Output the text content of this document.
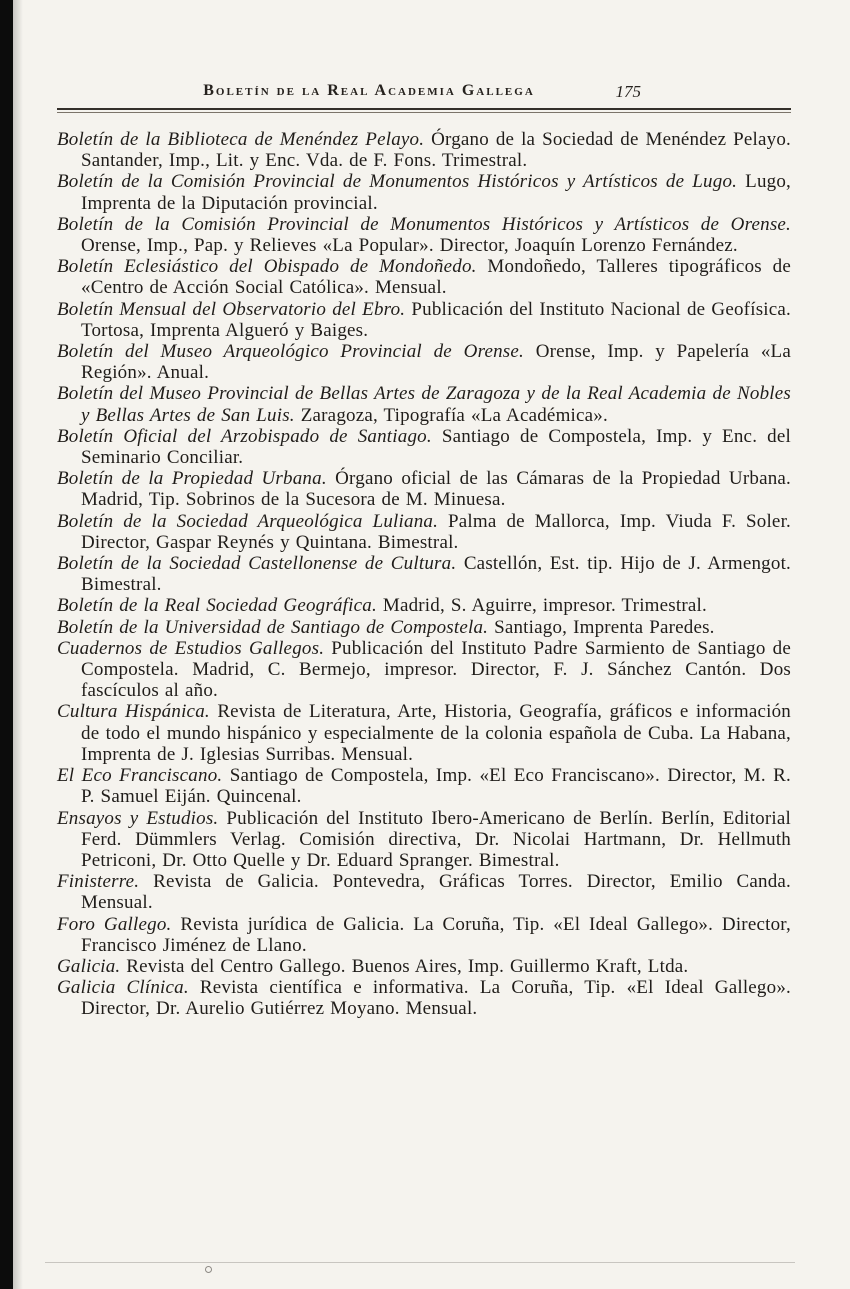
Boletín de la Real Academia Gallega	175

Boletín de la Biblioteca de Menéndez Pelayo. Órgano de la Sociedad de Menéndez Pelayo. Santander, Imp., Lit. y Enc. Vda. de F. Fons. Trimestral.

Boletín de la Comisión Provincial de Monumentos Históricos y Artísticos de Lugo. Lugo, Imprenta de la Diputación provincial.

Boletín de la Comisión Provincial de Monumentos Históricos y Artísticos de Orense. Orense, Imp., Pap. y Relieves «La Popular». Director, Joaquín Lorenzo Fernández.

Boletín Eclesiástico del Obispado de Mondoñedo. Mondoñedo, Talleres tipográficos de «Centro de Acción Social Católica». Mensual.

Boletín Mensual del Observatorio del Ebro. Publicación del Instituto Nacional de Geofísica. Tortosa, Imprenta Algueró y Baiges.

Boletín del Museo Arqueológico Provincial de Orense. Orense, Imp. y Papelería «La Región». Anual.

Boletín del Museo Provincial de Bellas Artes de Zaragoza y de la Real Academia de Nobles y Bellas Artes de San Luis. Zaragoza, Tipografía «La Académica».

Boletín Oficial del Arzobispado de Santiago. Santiago de Compostela, Imp. y Enc. del Seminario Conciliar.

Boletín de la Propiedad Urbana. Órgano oficial de las Cámaras de la Propiedad Urbana. Madrid, Tip. Sobrinos de la Sucesora de M. Minuesa.

Boletín de la Sociedad Arqueológica Luliana. Palma de Mallorca, Imp. Viuda F. Soler. Director, Gaspar Reynés y Quintana. Bimestral.

Boletín de la Sociedad Castellonense de Cultura. Castellón, Est. tip. Hijo de J. Armengot. Bimestral.

Boletín de la Real Sociedad Geográfica. Madrid, S. Aguirre, impresor. Trimestral.

Boletín de la Universidad de Santiago de Compostela. Santiago, Imprenta Paredes.

Cuadernos de Estudios Gallegos. Publicación del Instituto Padre Sarmiento de Santiago de Compostela. Madrid, C. Bermejo, impresor. Director, F. J. Sánchez Cantón. Dos fascículos al año.

Cultura Hispánica. Revista de Literatura, Arte, Historia, Geografía, gráficos e información de todo el mundo hispánico y especialmente de la colonia española de Cuba. La Habana, Imprenta de J. Iglesias Surribas. Mensual.

El Eco Franciscano. Santiago de Compostela, Imp. «El Eco Franciscano». Director, M. R. P. Samuel Eiján. Quincenal.

Ensayos y Estudios. Publicación del Instituto Ibero-Americano de Berlín. Berlín, Editorial Ferd. Dümmlers Verlag. Comisión directiva, Dr. Nicolai Hartmann, Dr. Hellmuth Petriconi, Dr. Otto Quelle y Dr. Eduard Spranger. Bimestral.

Finisterre. Revista de Galicia. Pontevedra, Gráficas Torres. Director, Emilio Canda. Mensual.

Foro Gallego. Revista jurídica de Galicia. La Coruña, Tip. «El Ideal Gallego». Director, Francisco Jiménez de Llano.

Galicia. Revista del Centro Gallego. Buenos Aires, Imp. Guillermo Kraft, Ltda.

Galicia Clínica. Revista científica e informativa. La Coruña, Tip. «El Ideal Gallego». Director, Dr. Aurelio Gutiérrez Moyano. Mensual.
